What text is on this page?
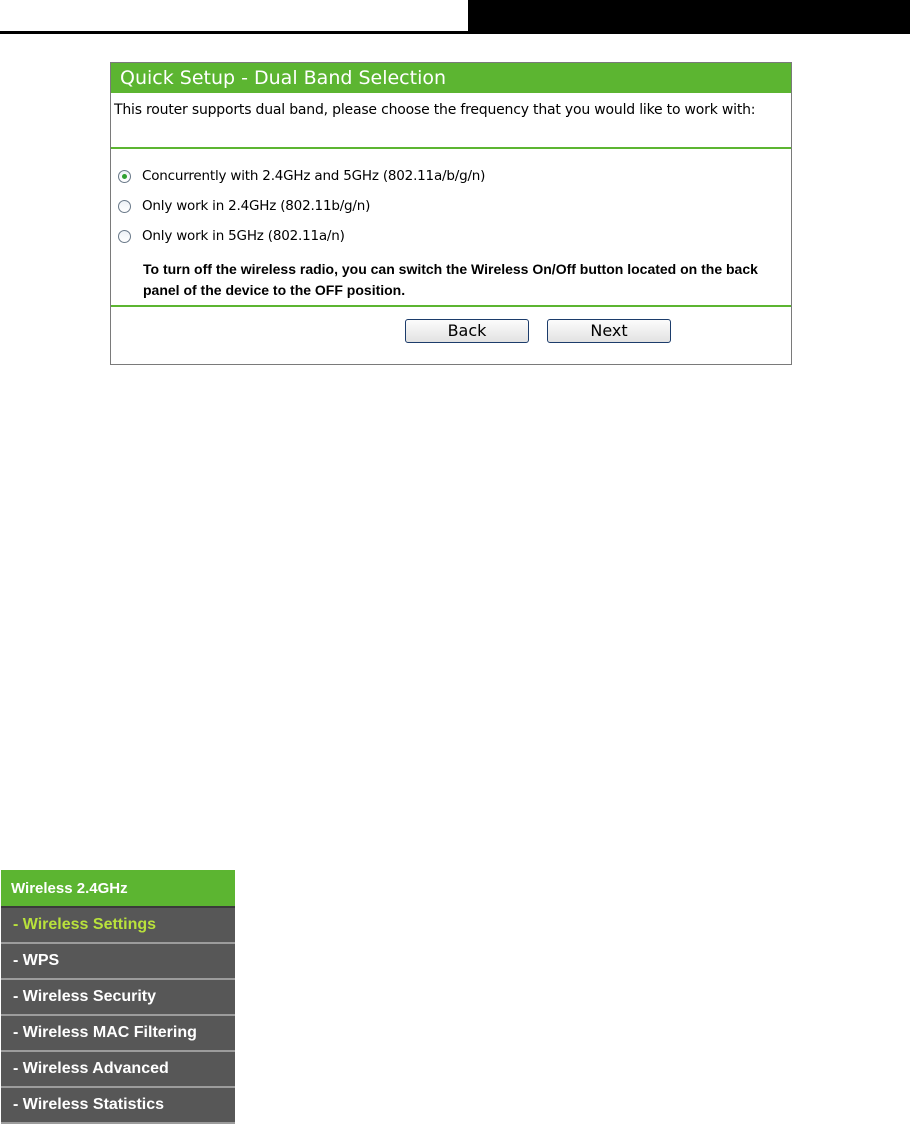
Quick Setup - Dual Band Selection
This router supports dual band, please choose the frequency that you would like to work with:
Concurrently with 2.4GHz and 5GHz (802.11a/b/g/n)
Only work in 2.4GHz (802.11b/g/n)
Only work in 5GHz (802.11a/n)
To turn off the wireless radio, you can switch the Wireless On/Off button located on the back panel of the device to the OFF position.
Back	Next
Wireless 2.4GHz
- Wireless Settings
- WPS
- Wireless Security
- Wireless MAC Filtering
- Wireless Advanced
- Wireless Statistics
